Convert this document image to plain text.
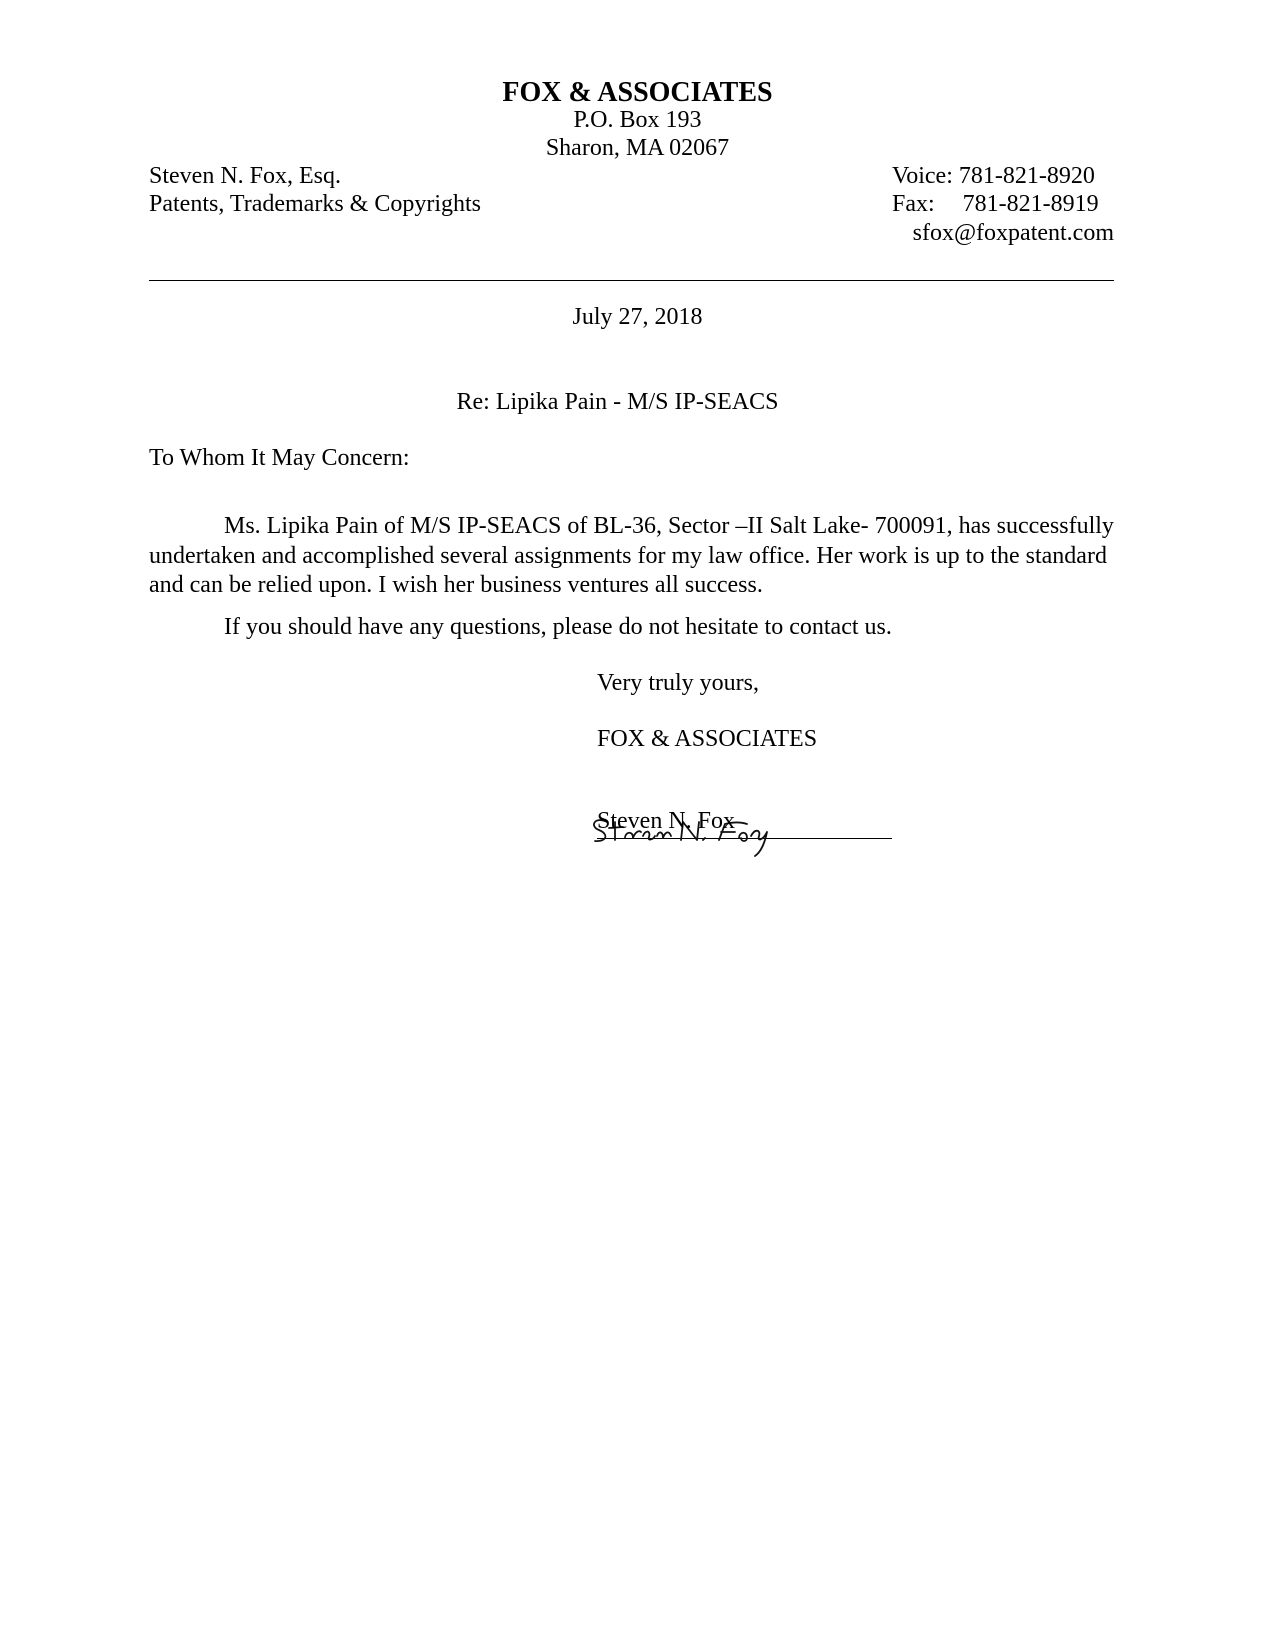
FOX & ASSOCIATES
P.O. Box 193
Sharon, MA 02067
Steven N. Fox, Esq.
Patents, Trademarks & Copyrights
Voice: 781-821-8920
Fax: 781-821-8919
sfox@foxpatent.com
July 27, 2018
Re: Lipika Pain - M/S IP-SEACS
To Whom It May Concern:
Ms. Lipika Pain of M/S IP-SEACS of BL-36, Sector –II Salt Lake- 700091, has successfully undertaken and accomplished several assignments for my law office. Her work is up to the standard and can be relied upon. I wish her business ventures all success.
If you should have any questions, please do not hesitate to contact us.
Very truly yours,
FOX & ASSOCIATES
Steven N. Fox
